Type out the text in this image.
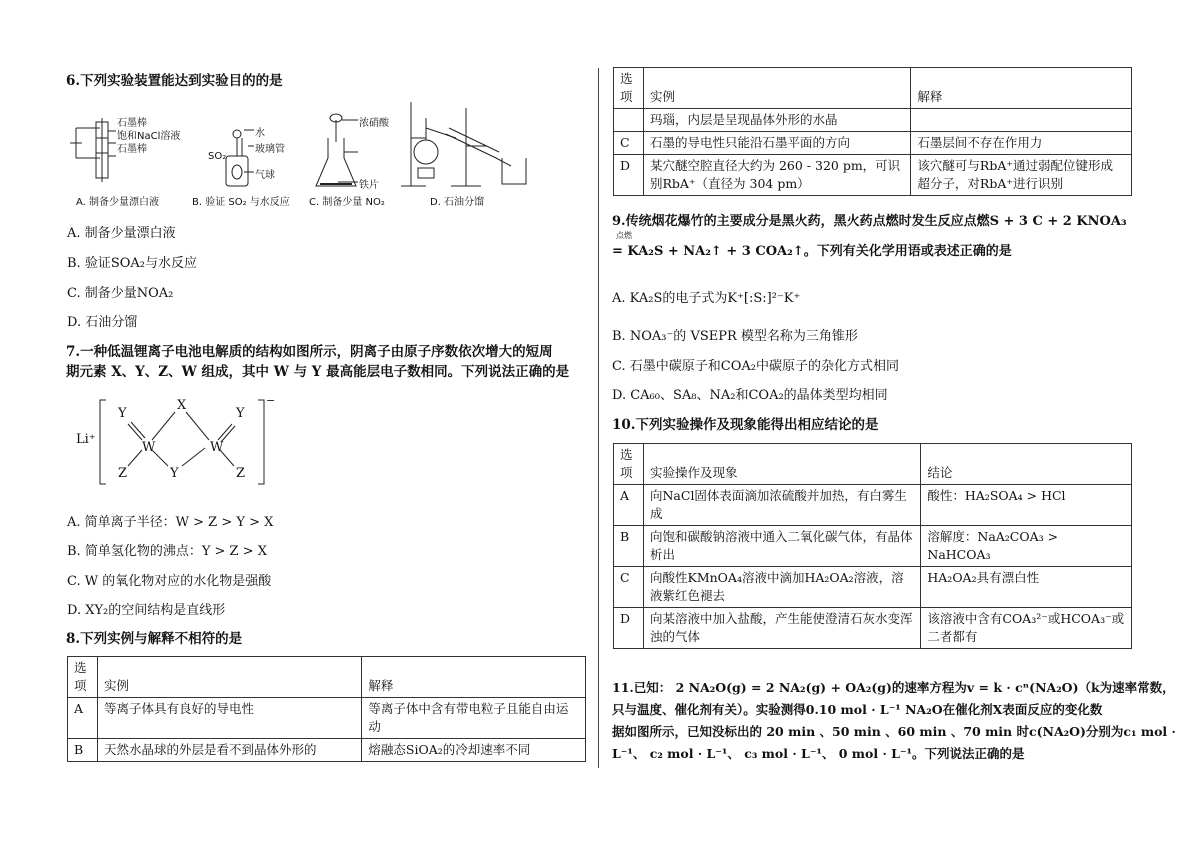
6.下列实验装置能达到实验目的的是
石墨棒
饱和NaCl溶液
石墨棒
水
玻璃管
SO₂
气球
浓硝酸
铁片
A. 制备少量漂白液	B. 验证 SO₂ 与水反应 C. 制备少量 NO₂	D. 石油分馏
A. 制备少量漂白液
B. 验证SOA₂与水反应
C. 制备少量NOA₂
D. 石油分馏
7.一种低温锂离子电池电解质的结构如图所示，阴离子由原子序数依次增大的短周
期元素 X、Y、Z、W 组成，其中 W 与 Y 最高能层电子数相同。下列说法正确的是
Li⁺
−
Y
X
Y
W	W
Z	Y	Z
A. 简单离子半径：W > Z > Y > X
B. 简单氢化物的沸点：Y > Z > X
C. W 的氧化物对应的水化物是强酸
D. XY₂的空间结构是直线形
8.下列实例与解释不相符的是
选
项	实例	解释
A	等离子体具有良好的导电性	等离子体中含有带电粒子且能自由运动
B	天然水晶球的外层是看不到晶体外形的	熔融态SiOA₂的冷却速率不同
选
项	实例	解释
	玛瑙，内层是呈现晶体外形的水晶	
C	石墨的导电性只能沿石墨平面的方向	石墨层间不存在作用力
D	某穴醚空腔直径大约为 260 - 320 pm，可识别RbA⁺（直径为 304 pm）	该穴醚可与RbA⁺通过弱配位键形成超分子，对RbA⁺进行识别
9.传统烟花爆竹的主要成分是黑火药，黑火药点燃时发生反应点燃S + 3 C + 2 KNOA₃
点燃
= KA₂S + NA₂↑ + 3 COA₂↑。下列有关化学用语或表述正确的是
A. KA₂S的电子式为K⁺[:S:]²⁻K⁺
B. NOA₃⁻的 VSEPR 模型名称为三角锥形
C. 石墨中碳原子和COA₂中碳原子的杂化方式相同
D. CA₆₀、SA₈、NA₂和COA₂的晶体类型均相同
10.下列实验操作及现象能得出相应结论的是
选
项	实验操作及现象	结论
A	向NaCl固体表面滴加浓硫酸并加热，有白雾生成	酸性：HA₂SOA₄ > HCl
B	向饱和碳酸钠溶液中通入二氧化碳气体，有晶体析出	溶解度：NaA₂COA₃ > NaHCOA₃
C	向酸性KMnOA₄溶液中滴加HA₂OA₂溶液，溶液紫红色褪去	HA₂OA₂具有漂白性
D	向某溶液中加入盐酸，产生能使澄清石灰水变浑浊的气体	该溶液中含有COA₃²⁻或HCOA₃⁻或二者都有
11.已知： 2 NA₂O(g) = 2 NA₂(g) + OA₂(g)的速率方程为v = k · cⁿ(NA₂O)（k为速率常数，
只与温度、催化剂有关）。实验测得0.10 mol · L⁻¹ NA₂O在催化剂X表面反应的变化数
据如图所示，已知没标出的 20 min 、50 min 、60 min 、70 min 时c(NA₂O)分别为c₁ mol ·
L⁻¹、 c₂ mol · L⁻¹、 c₃ mol · L⁻¹、 0 mol · L⁻¹。下列说法正确的是
